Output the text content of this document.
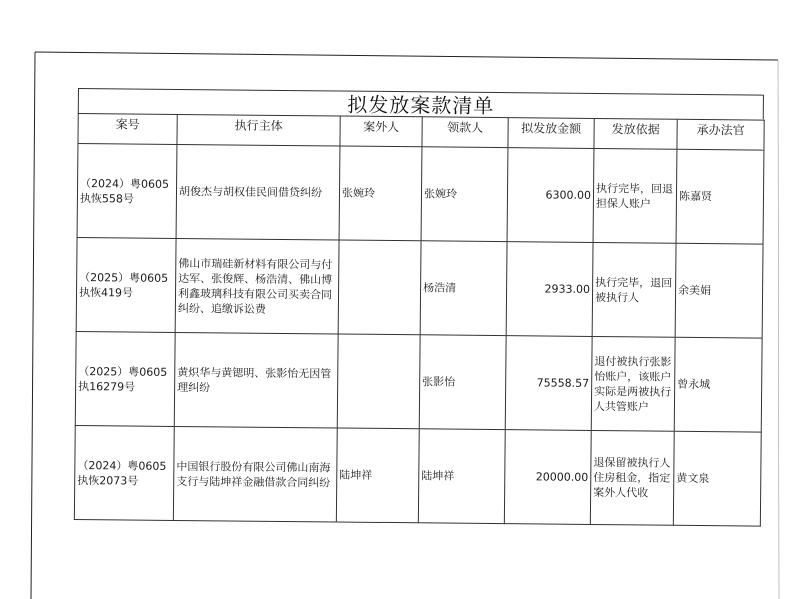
拟发放案款清单
案号	执行主体	案外人	领款人	拟发放金额	发放依据	承办法官
（2024）粤0605执恢558号	胡俊杰与胡权佳民间借贷纠纷	张婉玲	张婉玲	6300.00	执行完毕，回退担保人账户	陈嘉贤
（2025）粤0605执恢419号	佛山市瑞硅新材料有限公司与付达军、张俊辉、杨浩清、佛山博利鑫玻璃科技有限公司买卖合同纠纷、追缴诉讼费		杨浩清	2933.00	执行完毕，退回被执行人	余美娟
（2025）粤0605执16279号	黄炽华与黄锶明、张影怡无因管理纠纷		张影怡	75558.57	退付被执行张影怡账户，该账户实际是两被执行人共管账户	曾永城
（2024）粤0605执恢2073号	中国银行股份有限公司佛山南海支行与陆坤祥金融借款合同纠纷	陆坤祥	陆坤祥	20000.00	退保留被执行人住房租金，指定案外人代收	黄文泉
